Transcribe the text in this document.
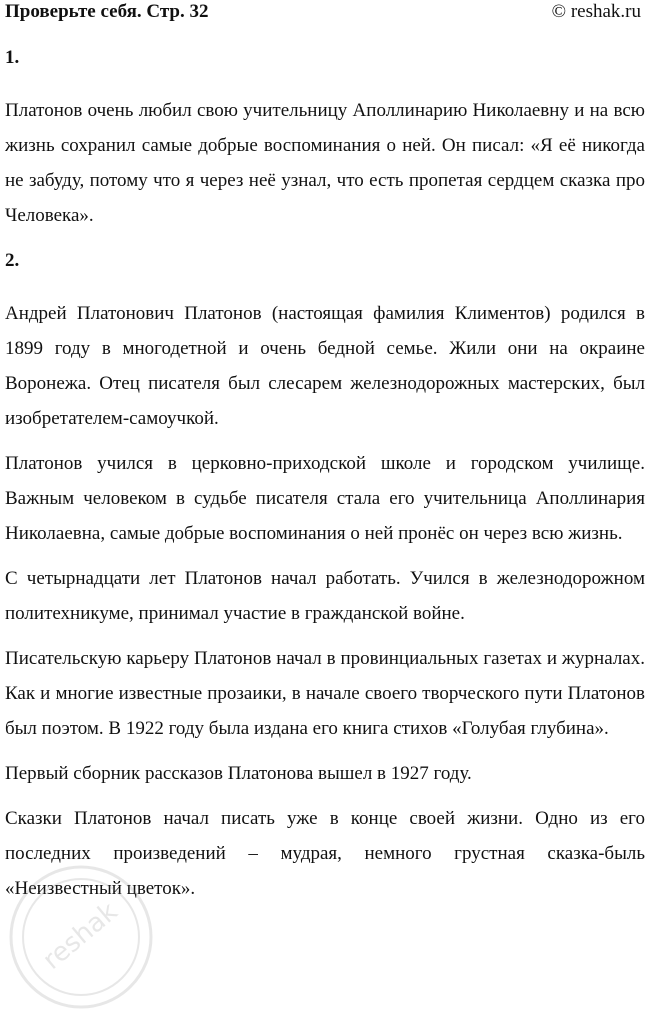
Проверьте себя. Стр. 32	© reshak.ru
1.

Платонов очень любил свою учительницу Аполлинарию Николаевну и на всю жизнь сохранил самые добрые воспоминания о ней. Он писал: «Я её никогда не забуду, потому что я через неё узнал, что есть пропетая сердцем сказка про Человека».

2.

Андрей Платонович Платонов (настоящая фамилия Климентов) родился в 1899 году в многодетной и очень бедной семье. Жили они на окраине Воронежа. Отец писателя был слесарем железнодорожных мастерских, был изобретателем-самоучкой.

Платонов учился в церковно-приходской школе и городском училище. Важным человеком в судьбе писателя стала его учительница Аполлинария Николаевна, самые добрые воспоминания о ней пронёс он через всю жизнь.

С четырнадцати лет Платонов начал работать. Учился в железнодорожном политехникуме, принимал участие в гражданской войне.

Писательскую карьеру Платонов начал в провинциальных газетах и журналах. Как и многие известные прозаики, в начале своего творческого пути Платонов был поэтом. В 1922 году была издана его книга стихов «Голубая глубина».

Первый сборник рассказов Платонова вышел в 1927 году.

Сказки Платонов начал писать уже в конце своей жизни. Одно из его последних произведений – мудрая, немного грустная сказка-быль «Неизвестный цветок».

reshak
